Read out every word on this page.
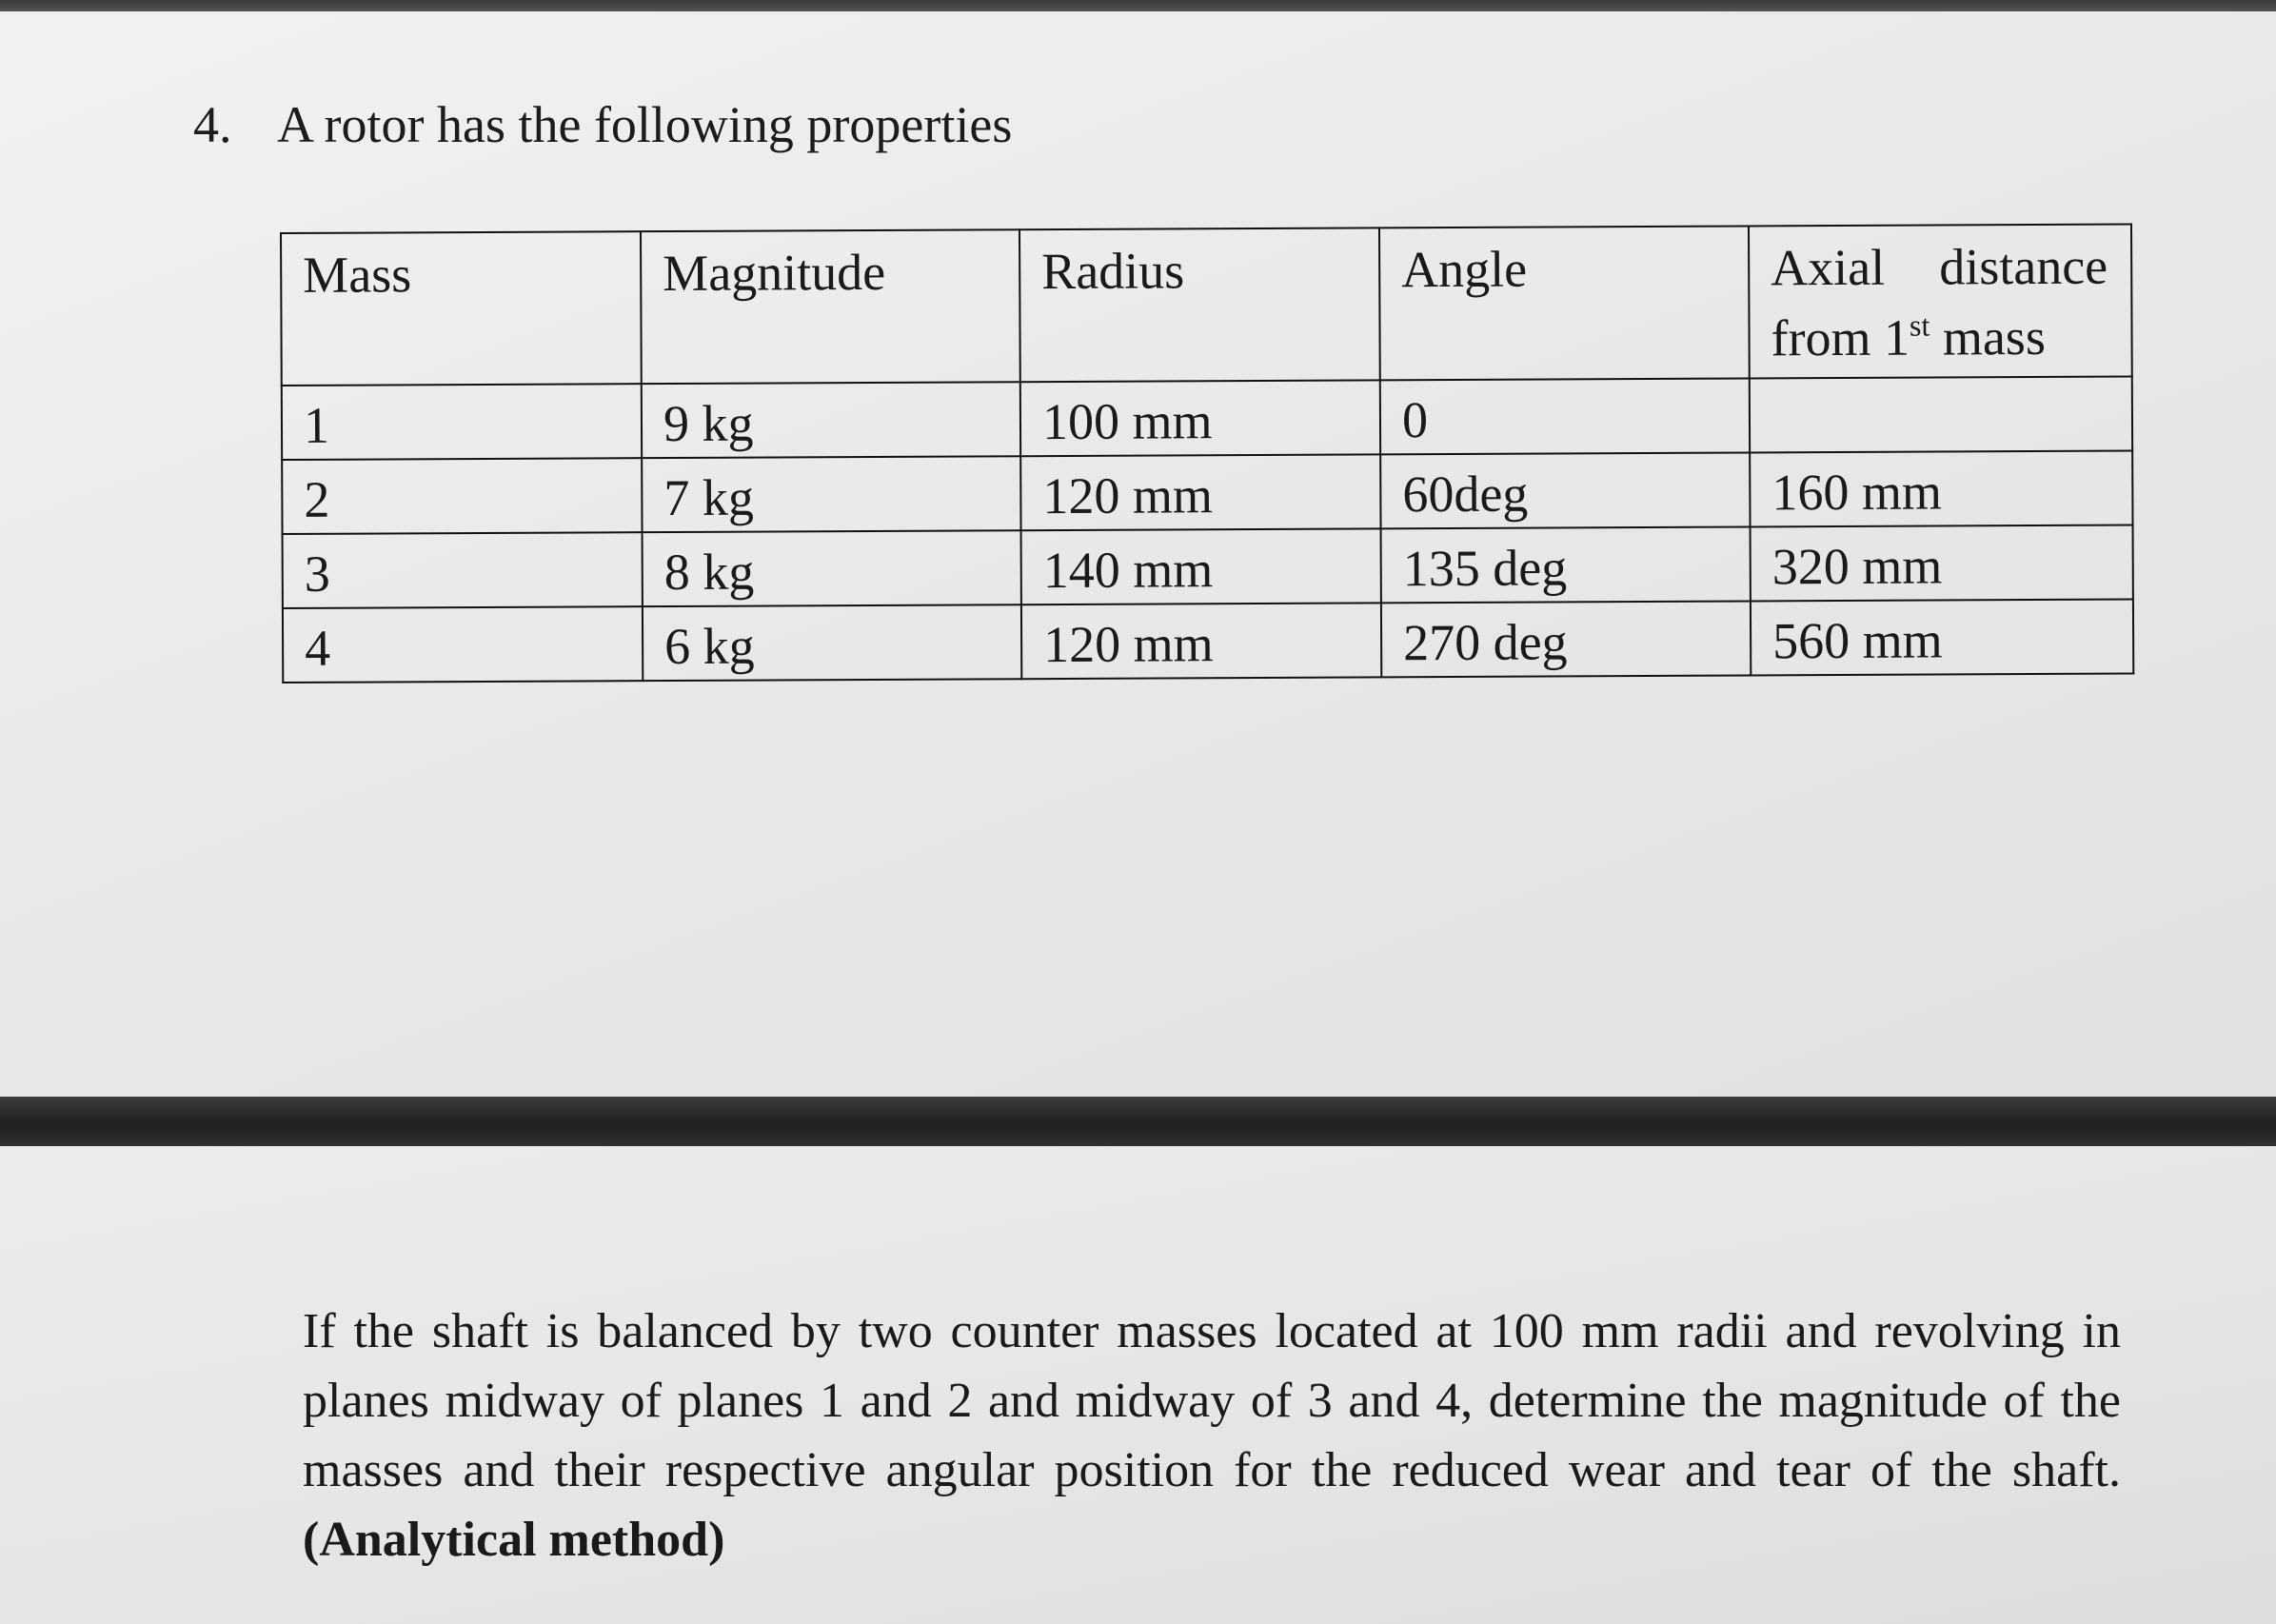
4. A rotor has the following properties
Mass	Magnitude	Radius	Angle	Axial distance
from 1st mass

1	9 kg	100 mm	0	
2	7 kg	120 mm	60deg	160 mm
3	8 kg	140 mm	135 deg	320 mm
4	6 kg	120 mm	270 deg	560 mm
If the shaft is balanced by two counter masses located at 100 mm radii and revolving in planes midway of planes 1 and 2 and midway of 3 and 4, determine the magnitude of the masses and their respective angular position for the reduced wear and tear of the shaft. (Analytical method)
